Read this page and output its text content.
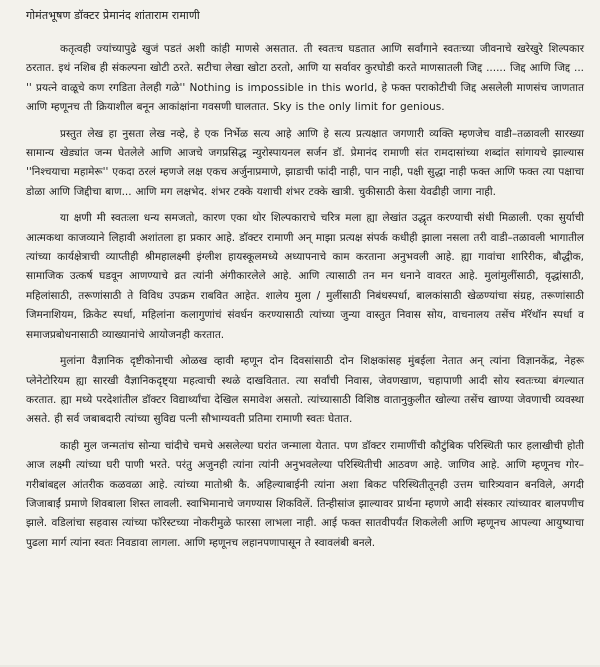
गोमंतभूषण डॉक्टर प्रेमानंद शांताराम रामाणी

कतृत्वही ज्यांच्यापुढे खुजं पडतं अशी कांही माणसे असतात. ती स्वतःच घडतात आणि सर्वांगाने स्वतःच्या जीवनाचे खरेखुरे शिल्पकार ठरतात. इथं नशिब ही संकल्पना खोटी ठरते. सटीचा लेखा खोटा ठरतो, आणि या सर्वावर कुरघोडी करते माणसातली जिद्द ...... जिद्द आणि जिद्द ... '' प्रयत्ने वाळूचे कण रगडिता तेलही गळे'' Nothing is impossible in this world, हे फक्त पराकोटीची जिद्द असलेली माणसंच जाणतात आणि म्हणूनच ती क्रियाशील बनून आकांक्षांना गवसणी घालतात. Sky is the only limit for genious.

प्रस्तुत लेख हा नुसता लेख नव्हे, हे एक निर्भेळ सत्य आहे आणि हे सत्य प्रत्यक्षात जगणारी व्यक्ति म्हणजेच वाडी–तळावली सारख्या सामान्य खेड्यांत जन्म घेतलेले आणि आजचे जगप्रसिद्ध न्युरोस्पायनल सर्जन डॉ. प्रेमानंद रामाणी संत रामदासांच्या शब्दांत सांगायचे झाल्यास ''निश्चयाचा महामेरू'' एकदा ठरलं म्हणजे लक्ष एकच अर्जुनाप्रमाणे, झाडाची फांदी नाही, पान नाही, पक्षी सुद्धा नाही फक्त आणि फक्त त्या पक्षाचा डोळा आणि जिद्दीचा बाण... आणि मग लक्षभेद. शंभर टक्के यशाची शंभर टक्के खात्री. चुकीसाठी केसा येवढीही जागा नाही.

या क्षणी मी स्वतःला धन्य समजतो, कारण एका थोर शिल्पकाराचे चरित्र मला ह्या लेखांत उद्धृत करण्याची संधी मिळाली. एका सुर्याची आत्मकथा काजव्याने लिहावी अशांतला हा प्रकार आहे. डॉक्टर रामाणी अन् माझा प्रत्यक्ष संपर्क कधीही झाला नसला तरी वाडी–तळावली भागातील त्यांच्या कार्यक्षेत्राची व्याप्तीही श्रीमहालक्ष्मी इंग्लीश हायस्कूलमध्ये अध्यापनाचे काम करताना अनुभवली आहे. ह्या गावांचा शारिरीक, बौद्धीक, सामाजिक उत्कर्ष घडवून आणण्याचे व्रत त्यांनी अंगीकारलेले आहे. आणि त्यासाठी तन मन धनाने वावरत आहे. मुलांमुलींसाठी, वृद्धांसाठी, महिलांसाठी, तरूणांसाठी ते विविध उपक्रम राबवित आहेत. शालेय मुला / मुलींसाठी निबंधस्पर्धा, बालकांसाठी खेळण्यांचा संग्रह, तरूणांसाठी जिमनाशियम, क्रिकेट स्पर्धा, महिलांना कलागुणांचं संवर्धन करण्यासाठी त्यांच्या जुन्या वास्तुत निवास सोय, वाचनालय तसेंच मॅरॅथॉन स्पर्धा व समाजप्रबोधनासाठी व्याख्यानांचे आयोजनही करतात.

मुलांना वैज्ञानिक दृष्टीकोनाची ओळख व्हावी म्हणून दोन दिवसांसाठी दोन शिक्षकांसह मुंबईला नेतात अन् त्यांना विज्ञानकेंद्र, नेहरू प्लेनेटोरियम ह्या सारखी वैज्ञानिकदृष्ट्या महत्वाची स्थळे दाखवितात. त्या सर्वांची निवास, जेवणखाण, चहापाणी आदी सोय स्वतःच्या बंगल्यात करतात. ह्या मध्ये परदेशांतील डॉक्टर विद्यार्थ्यांचा देखिल समावेश असतो. त्यांच्यासाठी विशिष्ठ वातानुकुलीत खोल्या तसेंच खाण्या जेवणाची व्यवस्था असते. ही सर्व जबाबदारी त्यांच्या सुविद्य पत्नी सौभाग्यवती प्रतिमा रामाणी स्वतः घेतात.

काही मुल जन्मतांच सोन्या चांदीचे चमचे असलेल्या घरांत जन्माला येतात. पण डॉक्टर रामाणींची कौटुंबिक परिस्थिती फार हलाखीची होती आज लक्ष्मी त्यांच्या घरी पाणी भरते. परंतु अजुनही त्यांना त्यांनी अनुभवलेल्या परिस्थितीची आठवण आहे. जाणिव आहे. आणि म्हणूनच गोर–गरीबांबद्दल आंतरीक कळवळा आहे. त्यांच्या मातोश्री कै. अहिल्याबाईनी त्यांना अशा बिकट परिस्थितीतूनही उत्तम चारित्र्यवान बनविले, अगदी जिजाबाईं प्रमाणे शिवबाला शिस्त लावली. स्वाभिमानाचे जगण्यास शिकविलें. तिन्हीसांज झाल्यावर प्रार्थना म्हणणे आदी संस्कार त्यांच्यावर बालपणीच झाले. वडिलांचा सहवास त्यांच्या फॉरेस्टच्या नोकरीमुळे फारसा लाभला नाही. आई फक्त सातवीपर्यंत शिकलेली आणि म्हणूनच आपल्या आयुष्याचा पुढला मार्ग त्यांना स्वतः निवडावा लागला. आणि म्हणूनच लहानपणापासून ते स्वावलंबी बनले.
